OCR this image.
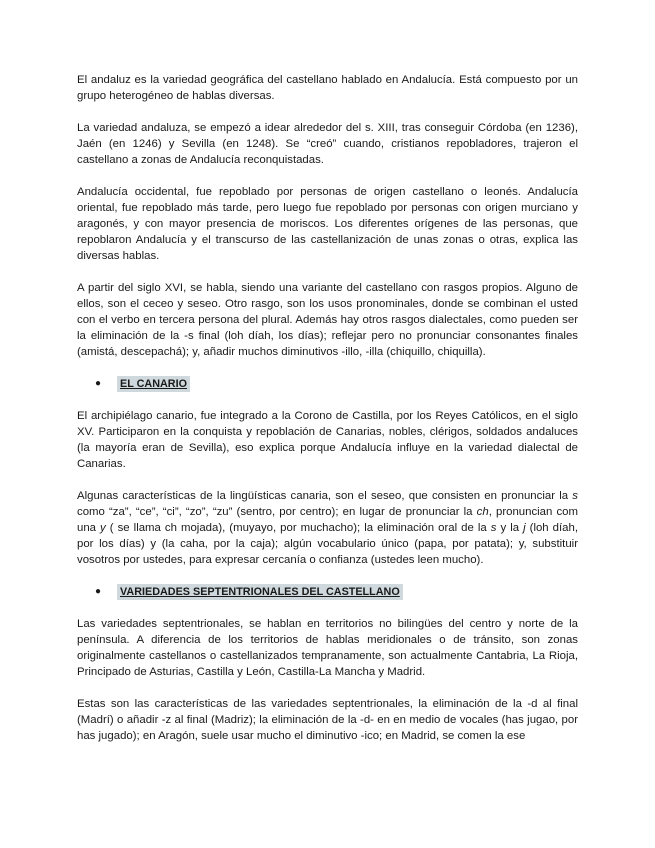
El andaluz es la variedad geográfica del castellano hablado en Andalucía. Está compuesto por un grupo heterogéneo de hablas diversas.

La variedad andaluza, se empezó a idear alrededor del s. XIII, tras conseguir Córdoba (en 1236), Jaén (en 1246) y Sevilla (en 1248). Se “creó” cuando, cristianos repobladores, trajeron el castellano a zonas de Andalucía reconquistadas.

Andalucía occidental, fue repoblado por personas de origen castellano o leonés. Andalucía oriental, fue repoblado más tarde, pero luego fue repoblado por personas con origen murciano y aragonés, y con mayor presencia de moriscos. Los diferentes orígenes de las personas, que repoblaron Andalucía y el transcurso de las castellanización de unas zonas o otras, explica las diversas hablas.

A partir del siglo XVI, se habla, siendo una variante del castellano con rasgos propios. Alguno de ellos, son el ceceo y seseo. Otro rasgo, son los usos pronominales, donde se combinan el usted con el verbo en tercera persona del plural. Además hay otros rasgos dialectales, como pueden ser la eliminación de la -s final (loh díah, los días); reflejar pero no pronunciar consonantes finales (amistá, descepachá); y, añadir muchos diminutivos -illo, -illa (chiquillo, chiquilla).

●	EL CANARIO

El archipiélago canario, fue integrado a la Corono de Castilla, por los Reyes Católicos, en el siglo XV. Participaron en la conquista y repoblación de Canarias, nobles, clérigos, soldados andaluces (la mayoría eran de Sevilla), eso explica porque Andalucía influye en la variedad dialectal de Canarias.

Algunas características de la lingüísticas canaria, son el seseo, que consisten en pronunciar la s como “za”, “ce”, “ci”, “zo”, “zu” (sentro, por centro); en lugar de pronunciar la ch, pronuncian com una y ( se llama ch mojada), (muyayo, por muchacho); la eliminación oral de la s y la j (loh díah, por los días) y (la caha, por la caja); algún vocabulario único (papa, por patata); y, substituir vosotros por ustedes, para expresar cercanía o confianza (ustedes leen mucho).

●	VARIEDADES SEPTENTRIONALES DEL CASTELLANO

Las variedades septentrionales, se hablan en territorios no bilingües del centro y norte de la península. A diferencia de los territorios de hablas meridionales o de tránsito, son zonas originalmente castellanos o castellanizados tempranamente, son actualmente Cantabria, La Rioja, Principado de Asturias, Castilla y León, Castilla-La Mancha y Madrid.

Estas son las características de las variedades septentrionales, la eliminación de la -d al final (Madrí) o añadir -z al final (Madriz); la eliminación de la -d- en en medio de vocales (has jugao, por has jugado); en Aragón, suele usar mucho el diminutivo -ico; en Madrid, se comen la ese
